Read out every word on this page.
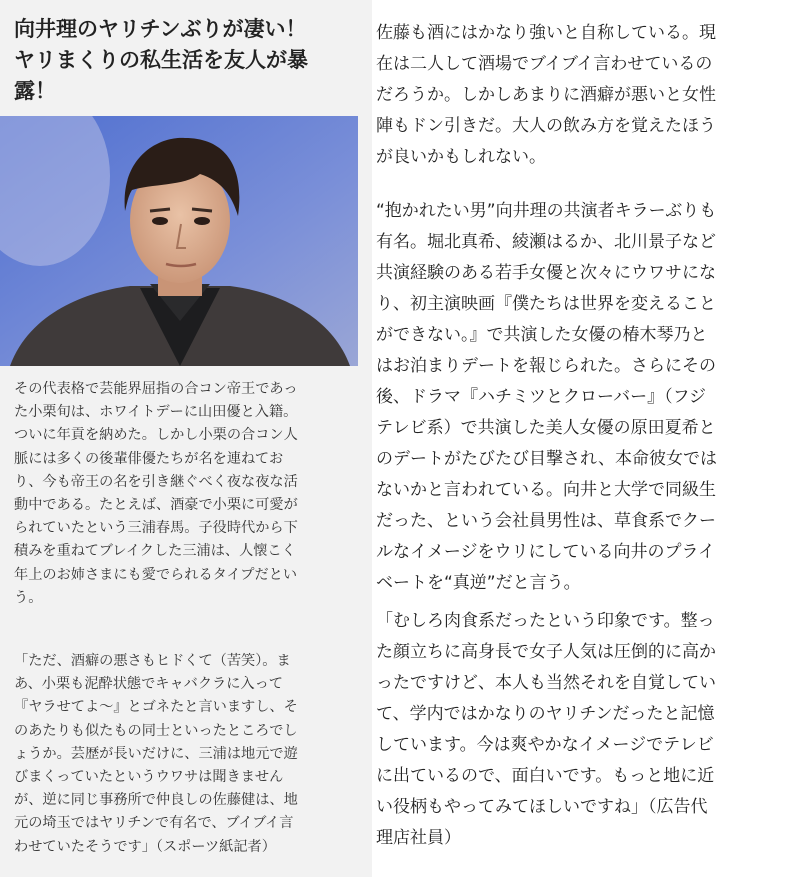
向井理のヤリチンぶりが凄い！
ヤリまくりの私生活を友人が暴
露！

その代表格で芸能界屈指の合コン帝王であっ
た小栗旬は、ホワイトデーに山田優と入籍。
ついに年貢を納めた。しかし小栗の合コン人
脈には多くの後輩俳優たちが名を連ねてお
り、今も帝王の名を引き継ぐべく夜な夜な活
動中である。たとえば、酒豪で小栗に可愛が
られていたという三浦春馬。子役時代から下
積みを重ねてブレイクした三浦は、人懐こく
年上のお姉さまにも愛でられるタイプだとい
う。

「ただ、酒癖の悪さもヒドくて（苦笑）。ま
あ、小栗も泥酔状態でキャバクラに入って
『ヤラせてよ〜』とゴネたと言いますし、そ
のあたりも似たもの同士といったところでし
ょうか。芸歴が長いだけに、三浦は地元で遊
びまくっていたというウワサは聞きません
が、逆に同じ事務所で仲良しの佐藤健は、地
元の埼玉ではヤリチンで有名で、ブイブイ言
わせていたそうです」（スポーツ紙記者）

佐藤も酒にはかなり強いと自称している。現
在は二人して酒場でブイブイ言わせているの
だろうか。しかしあまりに酒癖が悪いと女性
陣もドン引きだ。大人の飲み方を覚えたほう
が良いかもしれない。

“抱かれたい男”向井理の共演者キラーぶりも
有名。堀北真希、綾瀬はるか、北川景子など
共演経験のある若手女優と次々にウワサにな
り、初主演映画『僕たちは世界を変えること
ができない。』で共演した女優の椿木琴乃と
はお泊まりデートを報じられた。さらにその
後、ドラマ『ハチミツとクローバー』（フジ
テレビ系）で共演した美人女優の原田夏希と
のデートがたびたび目撃され、本命彼女では
ないかと言われている。向井と大学で同級生
だった、という会社員男性は、草食系でクー
ルなイメージをウリにしている向井のプライ
ベートを“真逆”だと言う。

「むしろ肉食系だったという印象です。整っ
た顔立ちに高身長で女子人気は圧倒的に高か
ったですけど、本人も当然それを自覚してい
て、学内ではかなりのヤリチンだったと記憶
しています。今は爽やかなイメージでテレビ
に出ているので、面白いです。もっと地に近
い役柄もやってみてほしいですね」（広告代
理店社員）
